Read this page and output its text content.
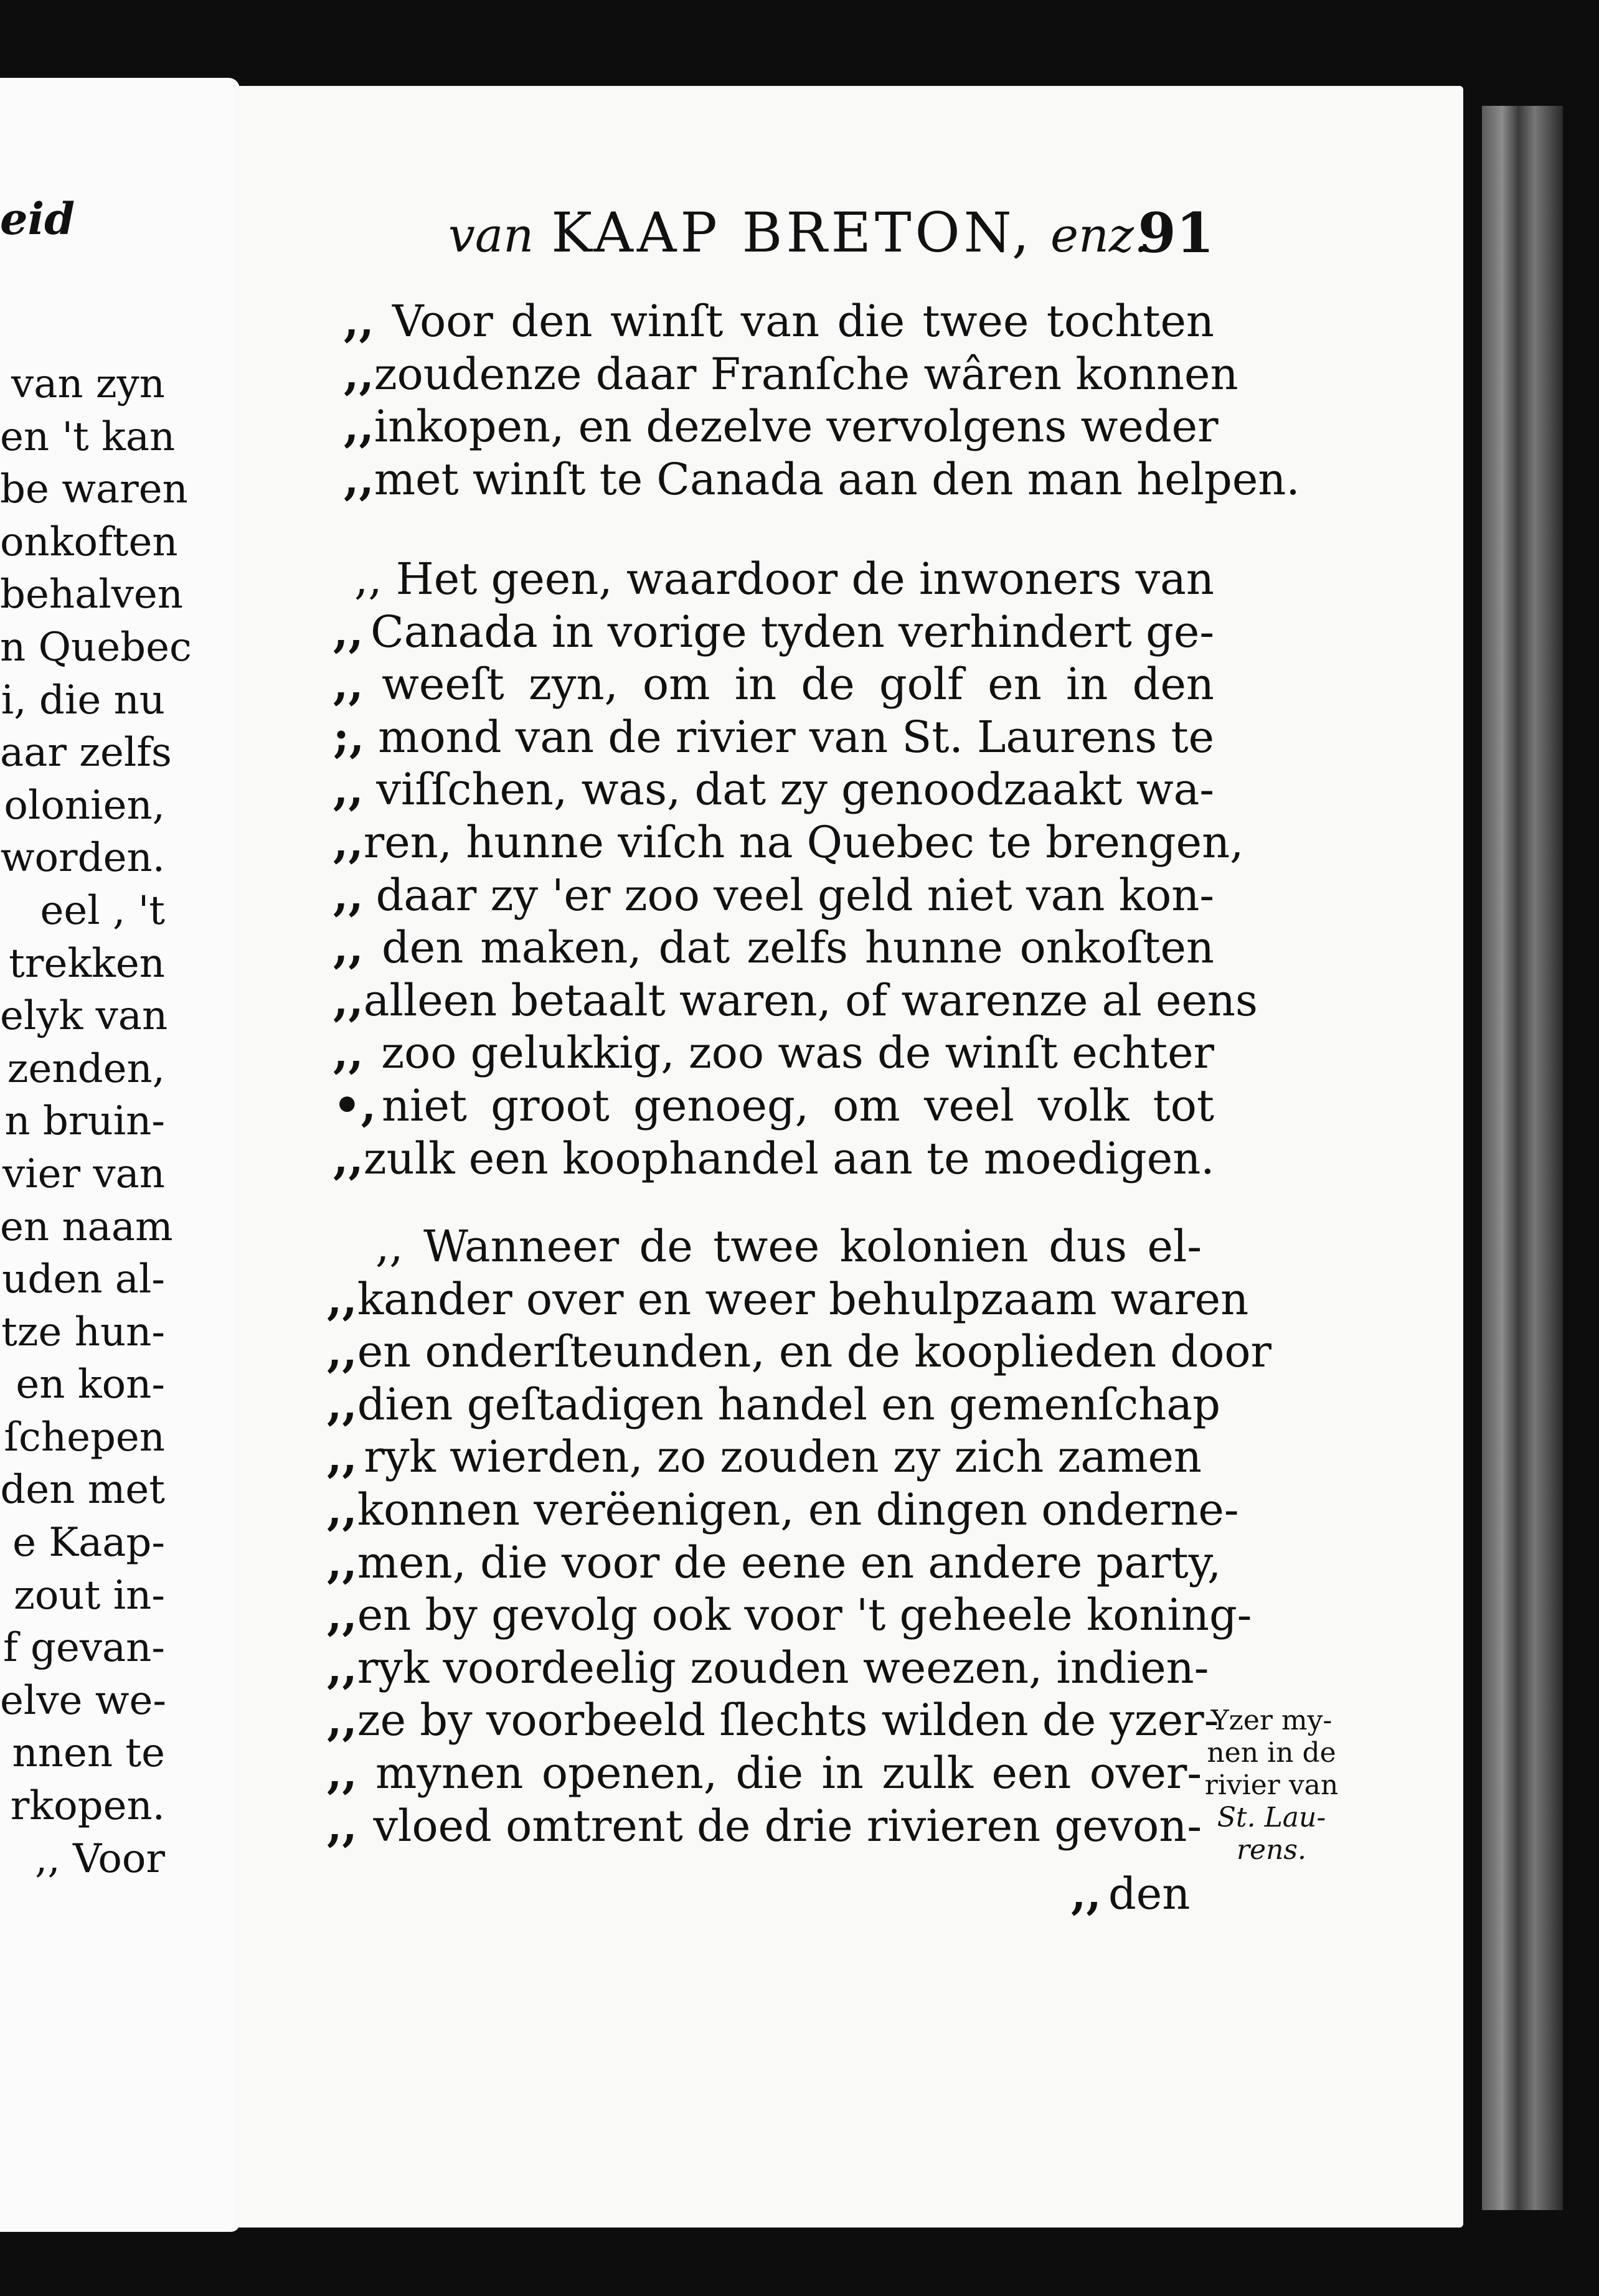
eid
van zyn
en 't kan
be waren
onkoften
behalven
n Quebec
i, die nu
aar zelfs
olonien,
worden.
eel , 't
trekken
elyk van
zenden,
n bruin-
vier van
en naam
uden al-
tze hun-
en kon-
ſchepen
den met
e Kaap-
zout in-
f gevan-
elve we-
nnen te
rkopen.
,, Voor
van KAAP BRETON, enz.
91
,, Voor den winſt van die twee tochten
,, zoudenze daar Franſche wâren konnen
,, inkopen, en dezelve vervolgens weder
,, met winſt te Canada aan den man helpen.
,, Het geen, waardoor de inwoners van
,, Canada in vorige tyden verhindert ge-
,, weeſt zyn, om in de golf en in den
;, mond van de rivier van St. Laurens te
,, viſſchen, was, dat zy genoodzaakt wa-
,, ren, hunne viſch na Quebec te brengen,
,, daar zy 'er zoo veel geld niet van kon-
,, den maken, dat zelfs hunne onkoſten
,, alleen betaalt waren, of warenze al eens
,, zoo gelukkig, zoo was de winſt echter
•, niet groot genoeg, om veel volk tot
,, zulk een koophandel aan te moedigen.
,, Wanneer de twee kolonien dus el-
,, kander over en weer behulpzaam waren
,, en onderſteunden, en de kooplieden door
,, dien geſtadigen handel en gemenſchap
,, ryk wierden, zo zouden zy zich zamen
,, konnen verëenigen, en dingen onderne-
,, men, die voor de eene en andere party,
,, en by gevolg ook voor 't geheele koning-
,, ryk voordeelig zouden weezen, indien-
,, ze by voorbeeld ſlechts wilden de yzer-
,, mynen openen, die in zulk een over-
,, vloed omtrent de drie rivieren gevon-
,, den
Yzer my-
nen in de
rivier van
St. Lau-
rens.
